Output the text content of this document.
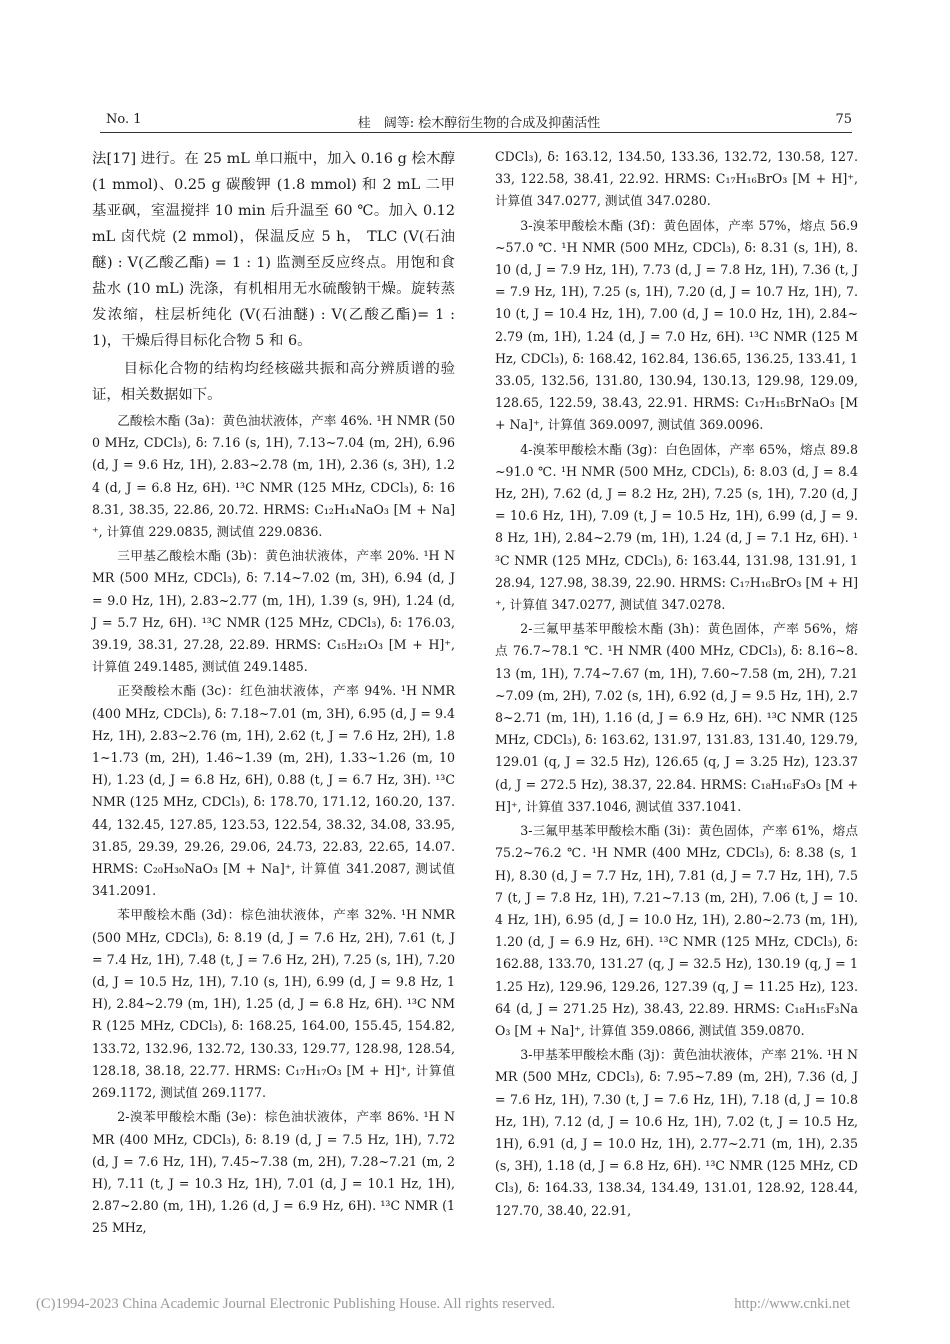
No. 1	桂　阔等: 桧木醇衍生物的合成及抑菌活性	75

法[17] 进行。在 25 mL 单口瓶中，加入 0.16 g 桧木醇 (1 mmol)、0.25 g 碳酸钾 (1.8 mmol) 和 2 mL 二甲基亚砜，室温搅拌 10 min 后升温至 60 ℃。加入 0.12 mL 卤代烷 (2 mmol)，保温反应 5 h， TLC (V(石油醚) : V(乙酸乙酯) = 1 : 1) 监测至反应终点。用饱和食盐水 (10 mL) 洗涤，有机相用无水硫酸钠干燥。旋转蒸发浓缩，柱层析纯化 (V(石油醚) : V(乙酸乙酯)= 1 : 1)，干燥后得目标化合物 5 和 6。

目标化合物的结构均经核磁共振和高分辨质谱的验证，相关数据如下。

乙酸桧木酯 (3a)：黄色油状液体，产率 46%. ¹H NMR (500 MHz, CDCl₃), δ: 7.16 (s, 1H), 7.13~7.04 (m, 2H), 6.96 (d, J = 9.6 Hz, 1H), 2.83~2.78 (m, 1H), 2.36 (s, 3H), 1.24 (d, J = 6.8 Hz, 6H). ¹³C NMR (125 MHz, CDCl₃), δ: 168.31, 38.35, 22.86, 20.72. HRMS: C₁₂H₁₄NaO₃ [M + Na]⁺, 计算值 229.0835, 测试值 229.0836.

三甲基乙酸桧木酯 (3b)：黄色油状液体，产率 20%. ¹H NMR (500 MHz, CDCl₃), δ: 7.14~7.02 (m, 3H), 6.94 (d, J = 9.0 Hz, 1H), 2.83~2.77 (m, 1H), 1.39 (s, 9H), 1.24 (d, J = 5.7 Hz, 6H). ¹³C NMR (125 MHz, CDCl₃), δ: 176.03, 39.19, 38.31, 27.28, 22.89. HRMS: C₁₅H₂₁O₃ [M + H]⁺, 计算值 249.1485, 测试值 249.1485.

正癸酸桧木酯 (3c)：红色油状液体，产率 94%. ¹H NMR (400 MHz, CDCl₃), δ: 7.18~7.01 (m, 3H), 6.95 (d, J = 9.4 Hz, 1H), 2.83~2.76 (m, 1H), 2.62 (t, J = 7.6 Hz, 2H), 1.81~1.73 (m, 2H), 1.46~1.39 (m, 2H), 1.33~1.26 (m, 10H), 1.23 (d, J = 6.8 Hz, 6H), 0.88 (t, J = 6.7 Hz, 3H). ¹³C NMR (125 MHz, CDCl₃), δ: 178.70, 171.12, 160.20, 137.44, 132.45, 127.85, 123.53, 122.54, 38.32, 34.08, 33.95, 31.85, 29.39, 29.26, 29.06, 24.73, 22.83, 22.65, 14.07. HRMS: C₂₀H₃₀NaO₃ [M + Na]⁺, 计算值 341.2087, 测试值 341.2091.

苯甲酸桧木酯 (3d)：棕色油状液体，产率 32%. ¹H NMR (500 MHz, CDCl₃), δ: 8.19 (d, J = 7.6 Hz, 2H), 7.61 (t, J = 7.4 Hz, 1H), 7.48 (t, J = 7.6 Hz, 2H), 7.25 (s, 1H), 7.20 (d, J = 10.5 Hz, 1H), 7.10 (s, 1H), 6.99 (d, J = 9.8 Hz, 1H), 2.84~2.79 (m, 1H), 1.25 (d, J = 6.8 Hz, 6H). ¹³C NMR (125 MHz, CDCl₃), δ: 168.25, 164.00, 155.45, 154.82, 133.72, 132.96, 132.72, 130.33, 129.77, 128.98, 128.54, 128.18, 38.18, 22.77. HRMS: C₁₇H₁₇O₃ [M + H]⁺, 计算值 269.1172, 测试值 269.1177.

2-溴苯甲酸桧木酯 (3e)：棕色油状液体，产率 86%. ¹H NMR (400 MHz, CDCl₃), δ: 8.19 (d, J = 7.5 Hz, 1H), 7.72 (d, J = 7.6 Hz, 1H), 7.45~7.38 (m, 2H), 7.28~7.21 (m, 2H), 7.11 (t, J = 10.3 Hz, 1H), 7.01 (d, J = 10.1 Hz, 1H), 2.87~2.80 (m, 1H), 1.26 (d, J = 6.9 Hz, 6H). ¹³C NMR (125 MHz,

CDCl₃), δ: 163.12, 134.50, 133.36, 132.72, 130.58, 127.33, 122.58, 38.41, 22.92. HRMS: C₁₇H₁₆BrO₃ [M + H]⁺, 计算值 347.0277, 测试值 347.0280.

3-溴苯甲酸桧木酯 (3f)：黄色固体，产率 57%，熔点 56.9~57.0 ℃. ¹H NMR (500 MHz, CDCl₃), δ: 8.31 (s, 1H), 8.10 (d, J = 7.9 Hz, 1H), 7.73 (d, J = 7.8 Hz, 1H), 7.36 (t, J = 7.9 Hz, 1H), 7.25 (s, 1H), 7.20 (d, J = 10.7 Hz, 1H), 7.10 (t, J = 10.4 Hz, 1H), 7.00 (d, J = 10.0 Hz, 1H), 2.84~2.79 (m, 1H), 1.24 (d, J = 7.0 Hz, 6H). ¹³C NMR (125 MHz, CDCl₃), δ: 168.42, 162.84, 136.65, 136.25, 133.41, 133.05, 132.56, 131.80, 130.94, 130.13, 129.98, 129.09, 128.65, 122.59, 38.43, 22.91. HRMS: C₁₇H₁₅BrNaO₃ [M + Na]⁺, 计算值 369.0097, 测试值 369.0096.

4-溴苯甲酸桧木酯 (3g)：白色固体，产率 65%，熔点 89.8~91.0 ℃. ¹H NMR (500 MHz, CDCl₃), δ: 8.03 (d, J = 8.4 Hz, 2H), 7.62 (d, J = 8.2 Hz, 2H), 7.25 (s, 1H), 7.20 (d, J = 10.6 Hz, 1H), 7.09 (t, J = 10.5 Hz, 1H), 6.99 (d, J = 9.8 Hz, 1H), 2.84~2.79 (m, 1H), 1.24 (d, J = 7.1 Hz, 6H). ¹³C NMR (125 MHz, CDCl₃), δ: 163.44, 131.98, 131.91, 128.94, 127.98, 38.39, 22.90. HRMS: C₁₇H₁₆BrO₃ [M + H]⁺, 计算值 347.0277, 测试值 347.0278.

2-三氟甲基苯甲酸桧木酯 (3h)：黄色固体，产率 56%，熔点 76.7~78.1 ℃. ¹H NMR (400 MHz, CDCl₃), δ: 8.16~8.13 (m, 1H), 7.74~7.67 (m, 1H), 7.60~7.58 (m, 2H), 7.21~7.09 (m, 2H), 7.02 (s, 1H), 6.92 (d, J = 9.5 Hz, 1H), 2.78~2.71 (m, 1H), 1.16 (d, J = 6.9 Hz, 6H). ¹³C NMR (125 MHz, CDCl₃), δ: 163.62, 131.97, 131.83, 131.40, 129.79, 129.01 (q, J = 32.5 Hz), 126.65 (q, J = 3.25 Hz), 123.37 (d, J = 272.5 Hz), 38.37, 22.84. HRMS: C₁₈H₁₆F₃O₃ [M + H]⁺, 计算值 337.1046, 测试值 337.1041.

3-三氟甲基苯甲酸桧木酯 (3i)：黄色固体，产率 61%，熔点 75.2~76.2 ℃. ¹H NMR (400 MHz, CDCl₃), δ: 8.38 (s, 1H), 8.30 (d, J = 7.7 Hz, 1H), 7.81 (d, J = 7.7 Hz, 1H), 7.57 (t, J = 7.8 Hz, 1H), 7.21~7.13 (m, 2H), 7.06 (t, J = 10.4 Hz, 1H), 6.95 (d, J = 10.0 Hz, 1H), 2.80~2.73 (m, 1H), 1.20 (d, J = 6.9 Hz, 6H). ¹³C NMR (125 MHz, CDCl₃), δ: 162.88, 133.70, 131.27 (q, J = 32.5 Hz), 130.19 (q, J = 11.25 Hz), 129.96, 129.26, 127.39 (q, J = 11.25 Hz), 123.64 (d, J = 271.25 Hz), 38.43, 22.89. HRMS: C₁₈H₁₅F₃NaO₃ [M + Na]⁺, 计算值 359.0866, 测试值 359.0870.

3-甲基苯甲酸桧木酯 (3j)：黄色油状液体，产率 21%. ¹H NMR (500 MHz, CDCl₃), δ: 7.95~7.89 (m, 2H), 7.36 (d, J = 7.6 Hz, 1H), 7.30 (t, J = 7.6 Hz, 1H), 7.18 (d, J = 10.8 Hz, 1H), 7.12 (d, J = 10.6 Hz, 1H), 7.02 (t, J = 10.5 Hz, 1H), 6.91 (d, J = 10.0 Hz, 1H), 2.77~2.71 (m, 1H), 2.35 (s, 3H), 1.18 (d, J = 6.8 Hz, 6H). ¹³C NMR (125 MHz, CDCl₃), δ: 164.33, 138.34, 134.49, 131.01, 128.92, 128.44, 127.70, 38.40, 22.91,

(C)1994-2023 China Academic Journal Electronic Publishing House. All rights reserved.	http://www.cnki.net
